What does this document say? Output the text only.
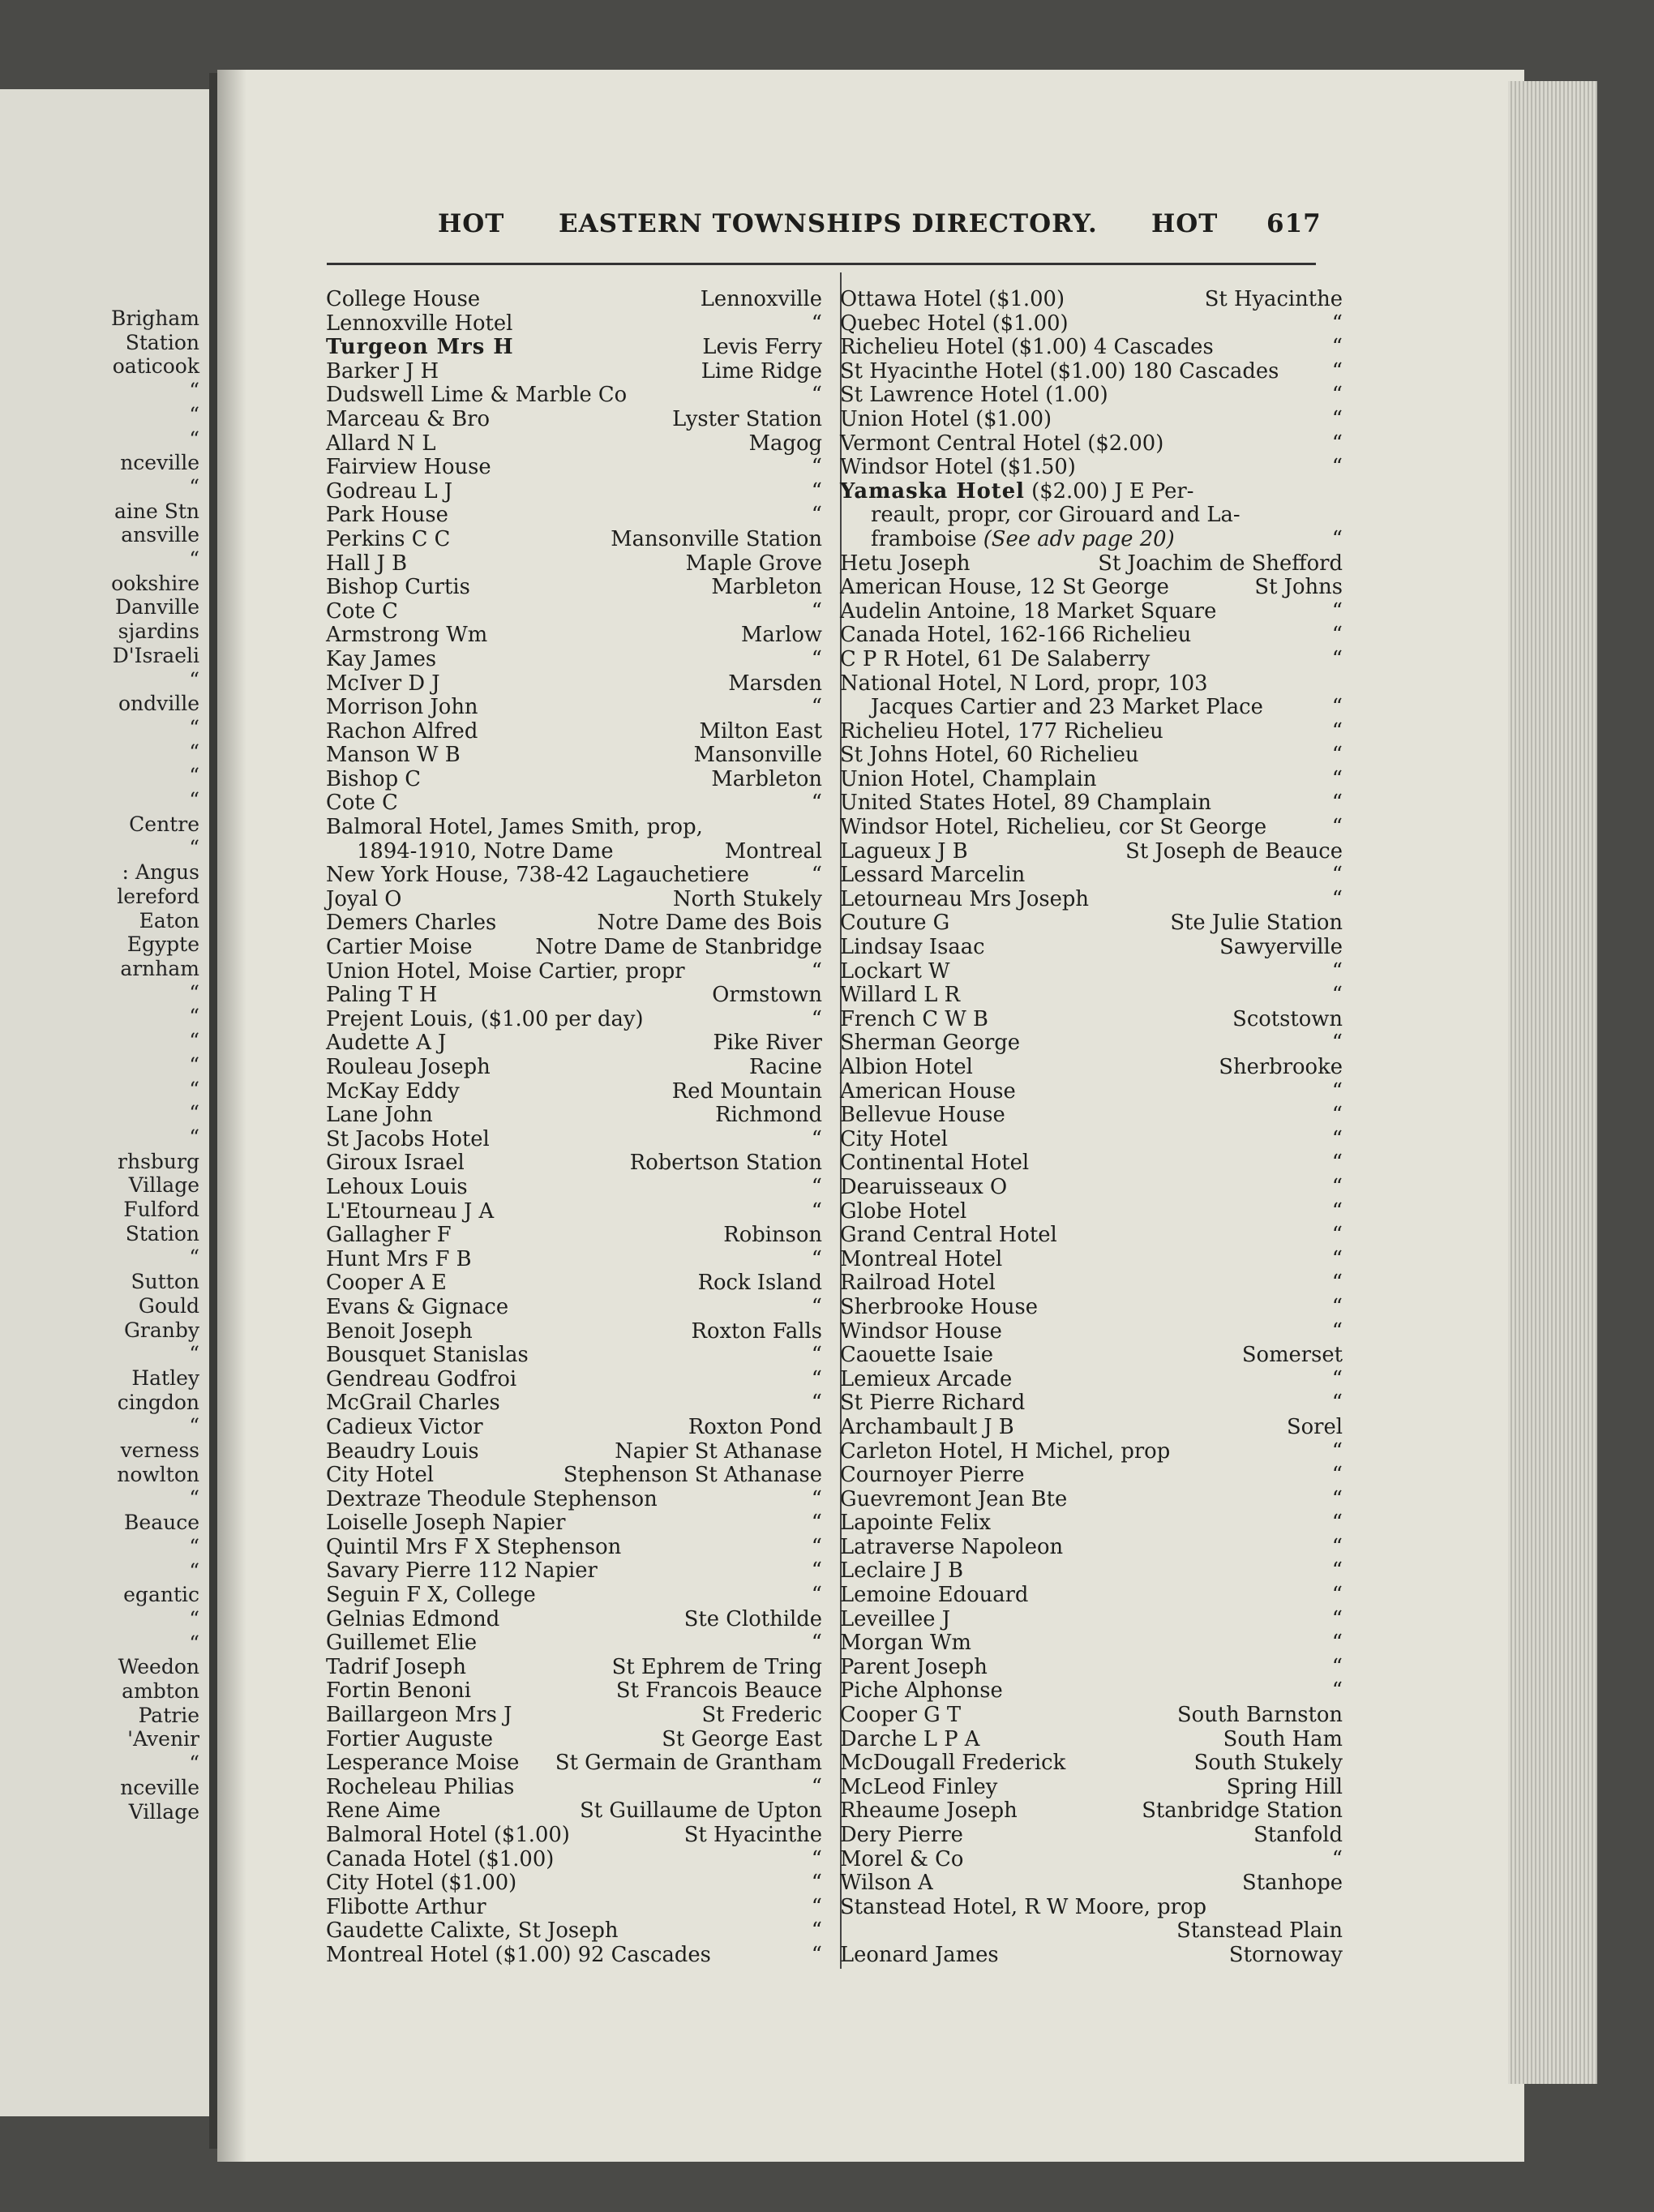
Brigham
Station
oaticook
“
“
“
nceville
“
aine Stn
ansville
“
ookshire
Danville
sjardins
D'Israeli
“
ondville
“
“
“
“
Centre
“
: Angus
lereford
Eaton
Egypte
arnham
“
“
“
“
“
“
“
rhsburg
Village
Fulford
Station
“
Sutton
Gould
Granby
“
Hatley
cingdon
“
verness
nowlton
“
Beauce
“
“
egantic
“
“
Weedon
ambton
Patrie
'Avenir
“
nceville
Village
HOT EASTERN TOWNSHIPS DIRECTORY. HOT 617
College House	Lennoxville
Lennoxville Hotel	“
Turgeon Mrs H	Levis Ferry
Barker J H	Lime Ridge
Dudswell Lime & Marble Co	“
Marceau & Bro	Lyster Station
Allard N L	Magog
Fairview House	“
Godreau L J	“
Park House	“
Perkins C C	Mansonville Station
Hall J B	Maple Grove
Bishop Curtis	Marbleton
Cote C	“
Armstrong Wm	Marlow
Kay James	“
McIver D J	Marsden
Morrison John	“
Rachon Alfred	Milton East
Manson W B	Mansonville
Bishop C	Marbleton
Cote C	“
Balmoral Hotel, James Smith, prop,
1894-1910, Notre Dame	Montreal
New York House, 738-42 Lagauchetiere	“
Joyal O	North Stukely
Demers Charles	Notre Dame des Bois
Cartier Moise	Notre Dame de Stanbridge
Union Hotel, Moise Cartier, propr	“
Paling T H	Ormstown
Prejent Louis, ($1.00 per day)	“
Audette A J	Pike River
Rouleau Joseph	Racine
McKay Eddy	Red Mountain
Lane John	Richmond
St Jacobs Hotel	“
Giroux Israel	Robertson Station
Lehoux Louis	“
L'Etourneau J A	“
Gallagher F	Robinson
Hunt Mrs F B	“
Cooper A E	Rock Island
Evans & Gignace	“
Benoit Joseph	Roxton Falls
Bousquet Stanislas	“
Gendreau Godfroi	“
McGrail Charles	“
Cadieux Victor	Roxton Pond
Beaudry Louis	Napier St Athanase
City Hotel	Stephenson St Athanase
Dextraze Theodule Stephenson	“
Loiselle Joseph Napier	“
Quintil Mrs F X Stephenson	“
Savary Pierre 112 Napier	“
Seguin F X, College	“
Gelnias Edmond	Ste Clothilde
Guillemet Elie	“
Tadrif Joseph	St Ephrem de Tring
Fortin Benoni	St Francois Beauce
Baillargeon Mrs J	St Frederic
Fortier Auguste	St George East
Lesperance Moise St Germain de Grantham
Rocheleau Philias	“
Rene Aime	St Guillaume de Upton
Balmoral Hotel ($1.00)	St Hyacinthe
Canada Hotel ($1.00)	“
City Hotel ($1.00)	“
Flibotte Arthur	“
Gaudette Calixte, St Joseph	“
Montreal Hotel ($1.00) 92 Cascades	“
Ottawa Hotel ($1.00)	St Hyacinthe
Quebec Hotel ($1.00)	“
Richelieu Hotel ($1.00) 4 Cascades	“
St Hyacinthe Hotel ($1.00) 180 Cascades	“
St Lawrence Hotel (1.00)	“
Union Hotel ($1.00)	“
Vermont Central Hotel ($2.00)	“
Windsor Hotel ($1.50)	“
Yamaska Hotel ($2.00) J E Per-
reault, propr, cor Girouard and La-
framboise (See adv page 20)	“
Hetu Joseph	St Joachim de Shefford
American House, 12 St George	St Johns
Audelin Antoine, 18 Market Square	“
Canada Hotel, 162-166 Richelieu	“
C P R Hotel, 61 De Salaberry	“
National Hotel, N Lord, propr, 103
Jacques Cartier and 23 Market Place	“
Richelieu Hotel, 177 Richelieu	“
St Johns Hotel, 60 Richelieu	“
Union Hotel, Champlain	“
United States Hotel, 89 Champlain	“
Windsor Hotel, Richelieu, cor St George	“
Lagueux J B	St Joseph de Beauce
Lessard Marcelin	“
Letourneau Mrs Joseph	“
Couture G	Ste Julie Station
Lindsay Isaac	Sawyerville
Lockart W	“
Willard L R	“
French C W B	Scotstown
Sherman George	“
Albion Hotel	Sherbrooke
American House	“
Bellevue House	“
City Hotel	“
Continental Hotel	“
Dearuisseaux O	“
Globe Hotel	“
Grand Central Hotel	“
Montreal Hotel	“
Railroad Hotel	“
Sherbrooke House	“
Windsor House	“
Caouette Isaie	Somerset
Lemieux Arcade	“
St Pierre Richard	“
Archambault J B	Sorel
Carleton Hotel, H Michel, prop	“
Cournoyer Pierre	“
Guevremont Jean Bte	“
Lapointe Felix	“
Latraverse Napoleon	“
Leclaire J B	“
Lemoine Edouard	“
Leveillee J	“
Morgan Wm	“
Parent Joseph	“
Piche Alphonse	“
Cooper G T	South Barnston
Darche L P A	South Ham
McDougall Frederick	South Stukely
McLeod Finley	Spring Hill
Rheaume Joseph	Stanbridge Station
Dery Pierre	Stanfold
Morel & Co	“
Wilson A	Stanhope
Stanstead Hotel, R W Moore, prop
Stanstead Plain
Leonard James	Stornoway
